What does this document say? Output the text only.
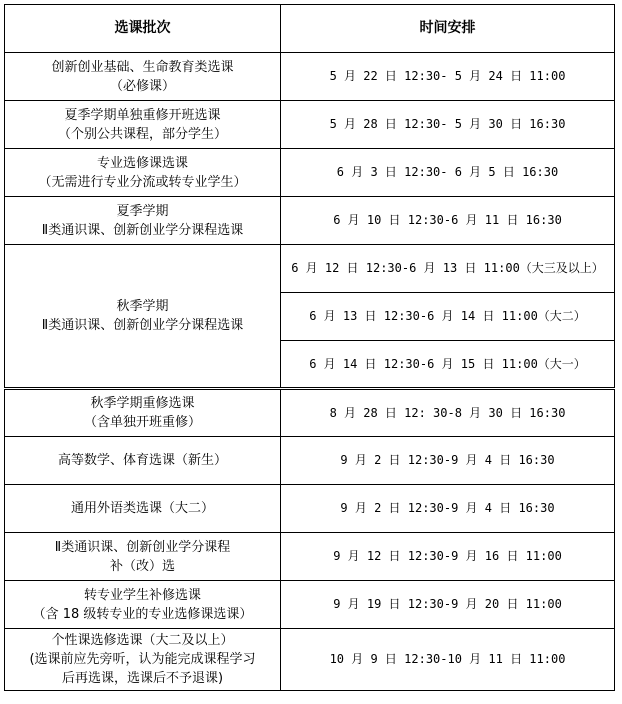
选课批次	时间安排

创新创业基础、生命教育类选课
（必修课）	5 月 22 日 12:30- 5 月 24 日 11:00

夏季学期单独重修开班选课
（个别公共课程，部分学生）	5 月 28 日 12:30- 5 月 30 日 16:30

专业选修课选课
（无需进行专业分流或转专业学生）	6 月 3 日 12:30- 6 月 5 日 16:30

夏季学期
Ⅱ类通识课、创新创业学分课程选课	6 月 10 日 12:30-6 月 11 日 16:30

秋季学期
Ⅱ类通识课、创新创业学分课程选课	6 月 12 日 12:30-6 月 13 日 11:00（大三及以上）
	6 月 13 日 12:30-6 月 14 日 11:00（大二）
	6 月 14 日 12:30-6 月 15 日 11:00（大一）

秋季学期重修选课
（含单独开班重修）	8 月 28 日 12: 30-8 月 30 日 16:30

高等数学、体育选课（新生）	9 月 2 日 12:30-9 月 4 日 16:30

通用外语类选课（大二）	9 月 2 日 12:30-9 月 4 日 16:30

Ⅱ类通识课、创新创业学分课程
补（改）选	9 月 12 日 12:30-9 月 16 日 11:00

转专业学生补修选课
（含 18 级转专业的专业选修课选课）	9 月 19 日 12:30-9 月 20 日 11:00

个性课选修选课（大二及以上）
(选课前应先旁听，认为能完成课程学习
后再选课，选课后不予退课)	10 月 9 日 12:30-10 月 11 日 11:00
